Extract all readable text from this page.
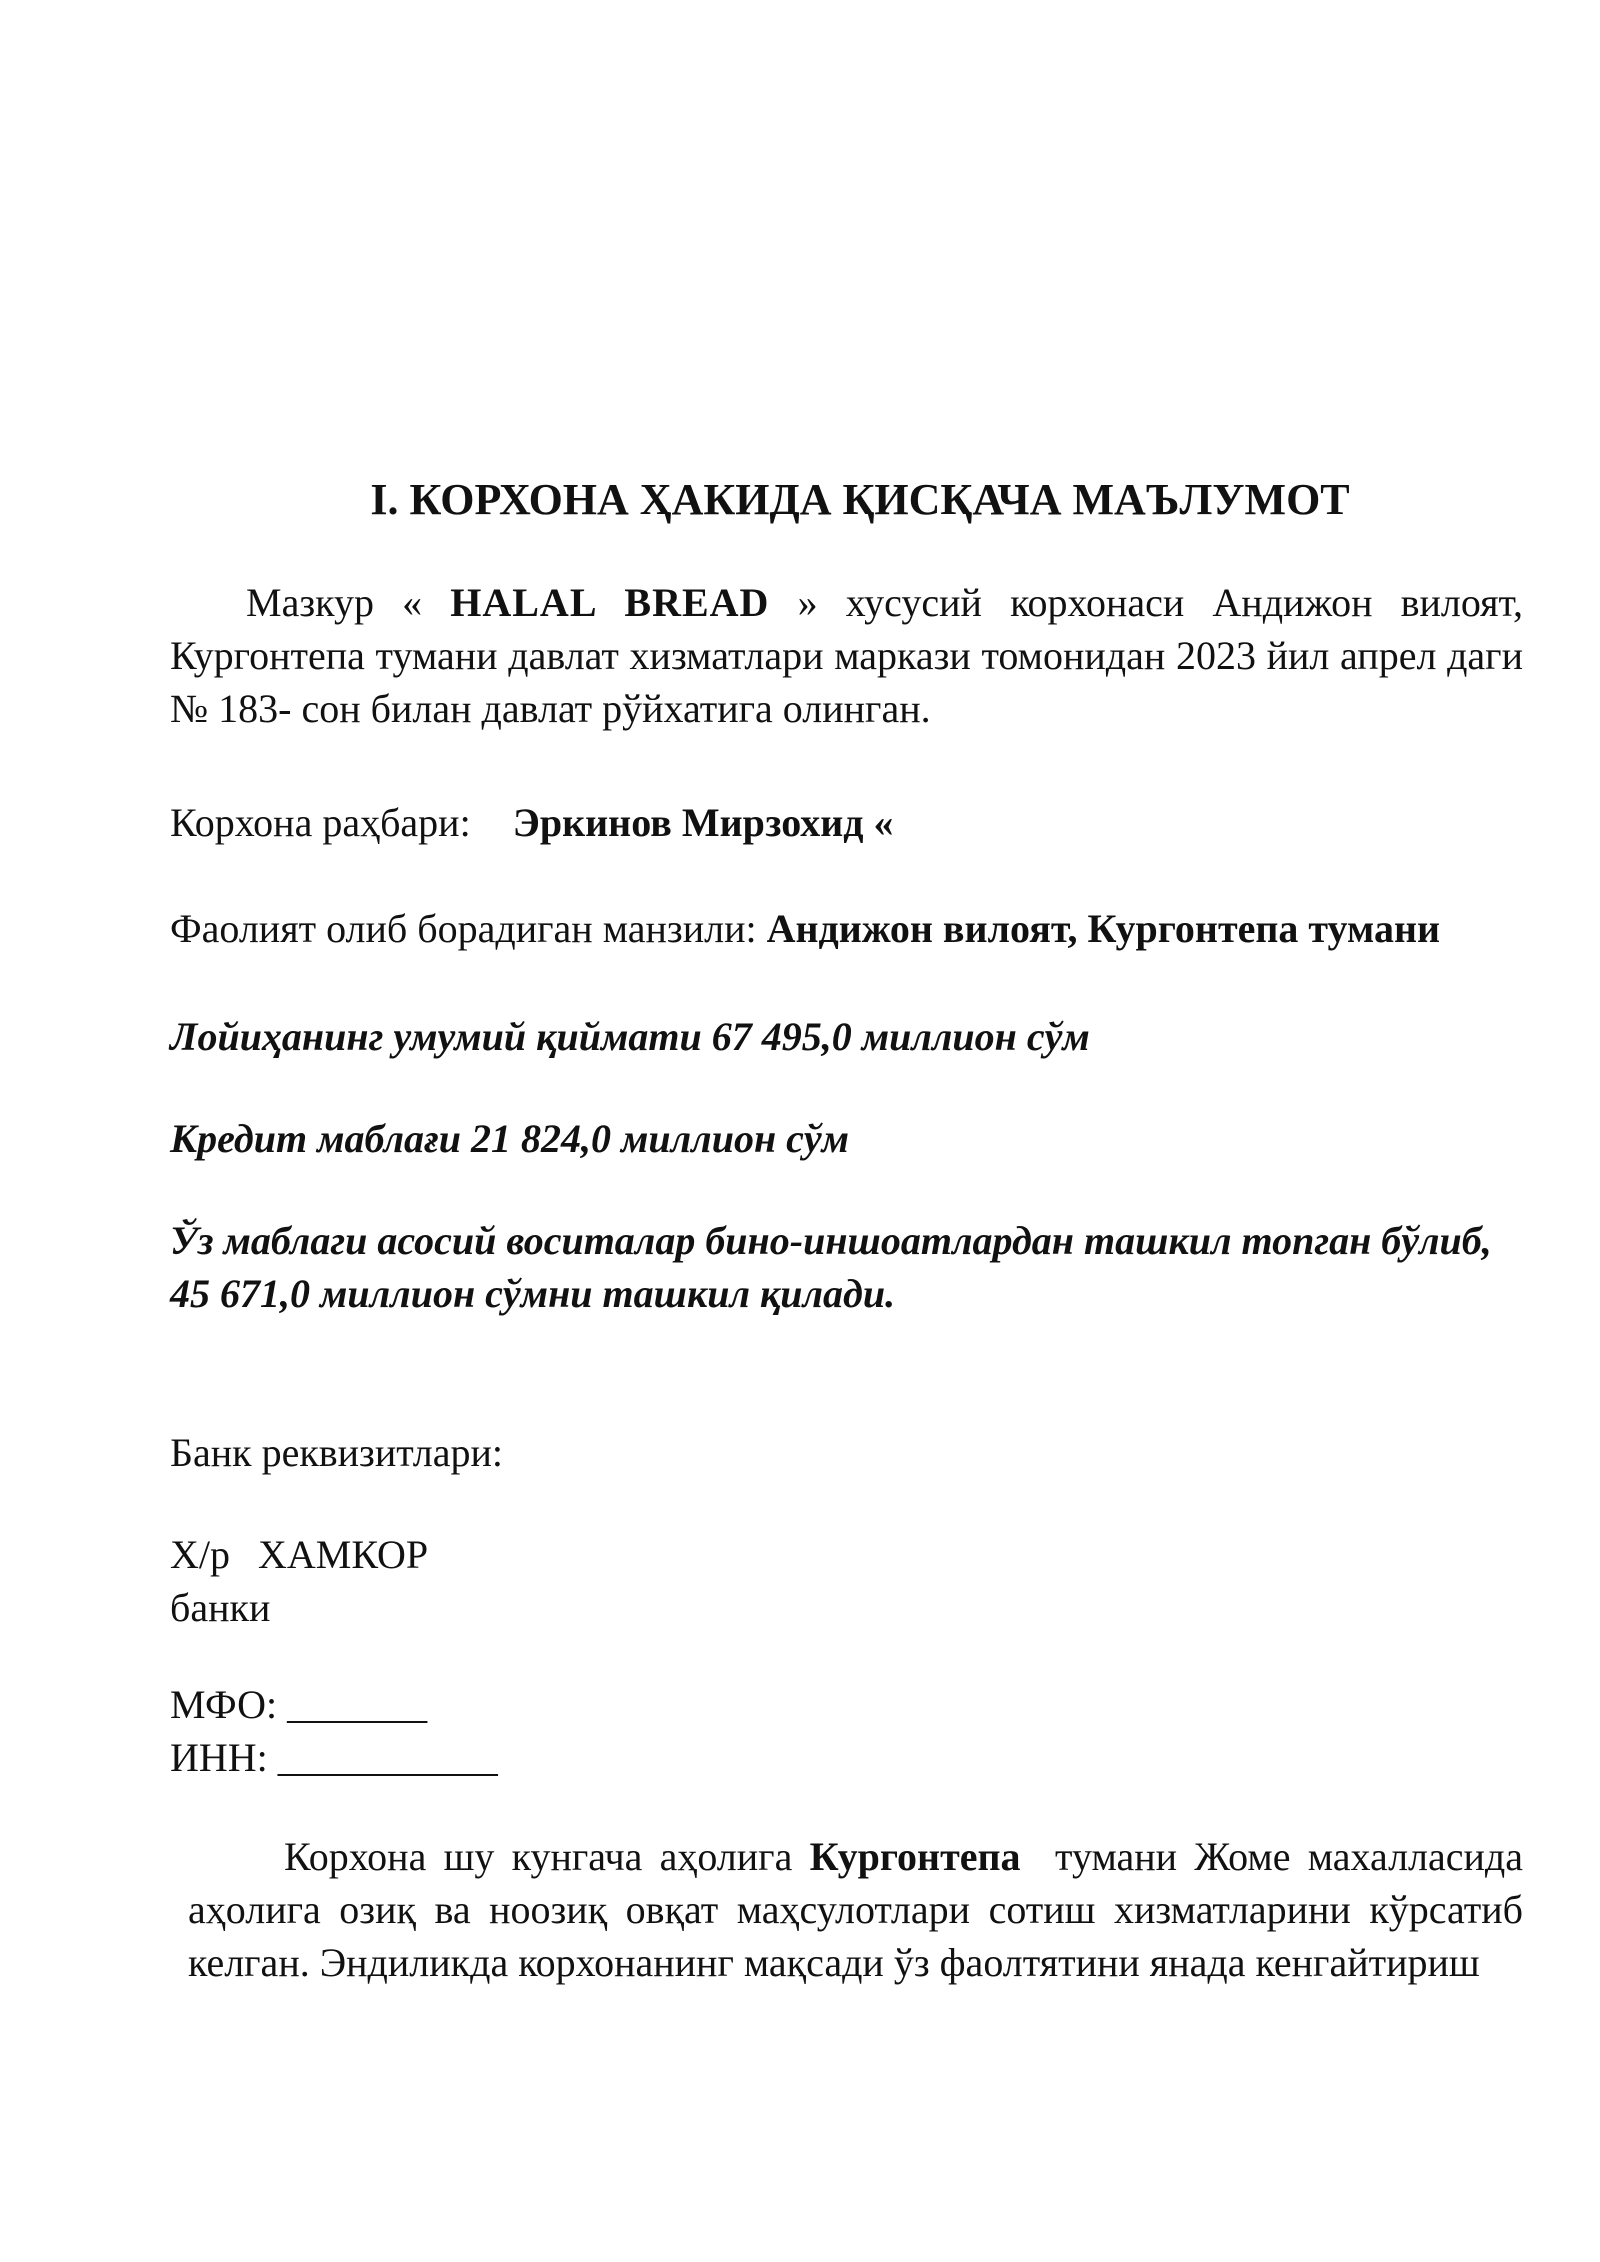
I. КОРХОНА ҲАКИДА ҚИСҚАЧА МАЪЛУМОТ

Мазкур « HALAL BREAD » хусусий корхонаси Андижон вилоят, Кургонтепа тумани давлат хизматлари маркази томонидан 2023 йил апрел даги № 183- сон билан давлат рўйхатига олинган.

Корхона раҳбари: Эркинов Мирзохид «

Фаолият олиб борадиган манзили: Андижон вилоят, Кургонтепа тумани

Лойиҳанинг умумий қиймати 67 495,0 миллион сўм

Кредит маблағи 21 824,0 миллион сўм

Ўз маблаги асосий воситалар бино-иншоатлардан ташкил топган бўлиб, 45 671,0 миллион сўмни ташкил қилади.

Банк реквизитлари:

Х/р ХАМКОР
банки
МФО: _______
ИНН: ___________

Корхона шу кунгача аҳолига Кургонтепа тумани Жоме махалласида аҳолига озиқ ва ноозиқ овқат маҳсулотлари сотиш хизматларини кўрсатиб келган. Эндиликда корхонанинг мақсади ўз фаолтятини янада кенгайтириш
